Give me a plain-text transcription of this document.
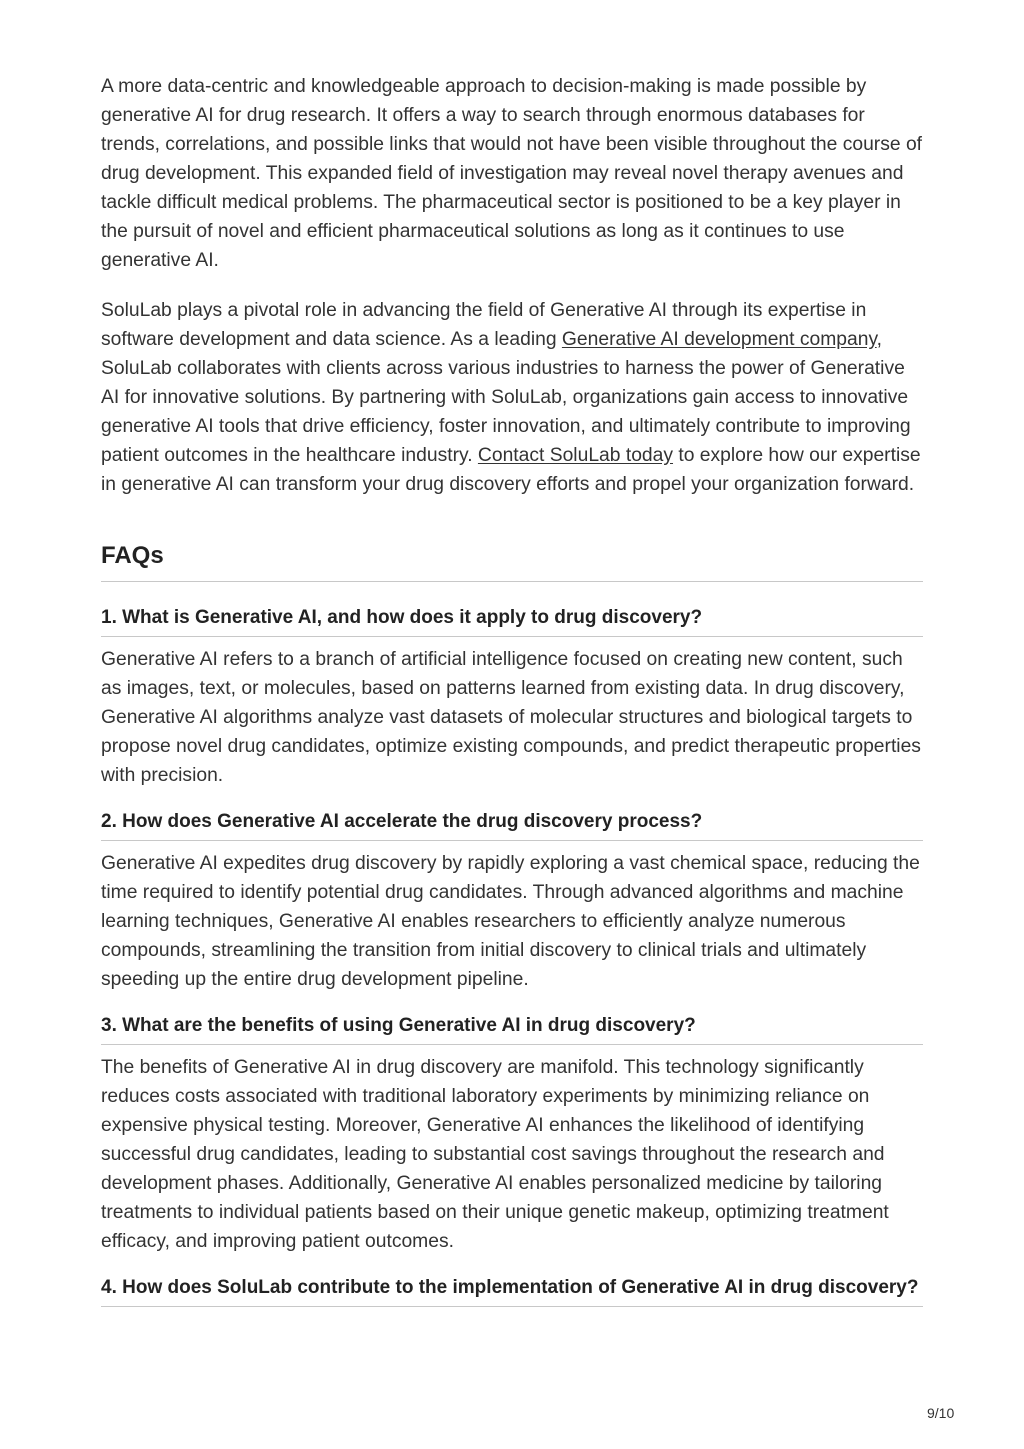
A more data-centric and knowledgeable approach to decision-making is made possible by generative AI for drug research. It offers a way to search through enormous databases for trends, correlations, and possible links that would not have been visible throughout the course of drug development. This expanded field of investigation may reveal novel therapy avenues and tackle difficult medical problems. The pharmaceutical sector is positioned to be a key player in the pursuit of novel and efficient pharmaceutical solutions as long as it continues to use generative AI.

SoluLab plays a pivotal role in advancing the field of Generative AI through its expertise in software development and data science. As a leading Generative AI development company, SoluLab collaborates with clients across various industries to harness the power of Generative AI for innovative solutions. By partnering with SoluLab, organizations gain access to innovative generative AI tools that drive efficiency, foster innovation, and ultimately contribute to improving patient outcomes in the healthcare industry. Contact SoluLab today to explore how our expertise in generative AI can transform your drug discovery efforts and propel your organization forward.

FAQs
1. What is Generative AI, and how does it apply to drug discovery?

Generative AI refers to a branch of artificial intelligence focused on creating new content, such as images, text, or molecules, based on patterns learned from existing data. In drug discovery, Generative AI algorithms analyze vast datasets of molecular structures and biological targets to propose novel drug candidates, optimize existing compounds, and predict therapeutic properties with precision.

2. How does Generative AI accelerate the drug discovery process?

Generative AI expedites drug discovery by rapidly exploring a vast chemical space, reducing the time required to identify potential drug candidates. Through advanced algorithms and machine learning techniques, Generative AI enables researchers to efficiently analyze numerous compounds, streamlining the transition from initial discovery to clinical trials and ultimately speeding up the entire drug development pipeline.

3. What are the benefits of using Generative AI in drug discovery?

The benefits of Generative AI in drug discovery are manifold. This technology significantly reduces costs associated with traditional laboratory experiments by minimizing reliance on expensive physical testing. Moreover, Generative AI enhances the likelihood of identifying successful drug candidates, leading to substantial cost savings throughout the research and development phases. Additionally, Generative AI enables personalized medicine by tailoring treatments to individual patients based on their unique genetic makeup, optimizing treatment efficacy, and improving patient outcomes.

4. How does SoluLab contribute to the implementation of Generative AI in drug discovery?
9/10
